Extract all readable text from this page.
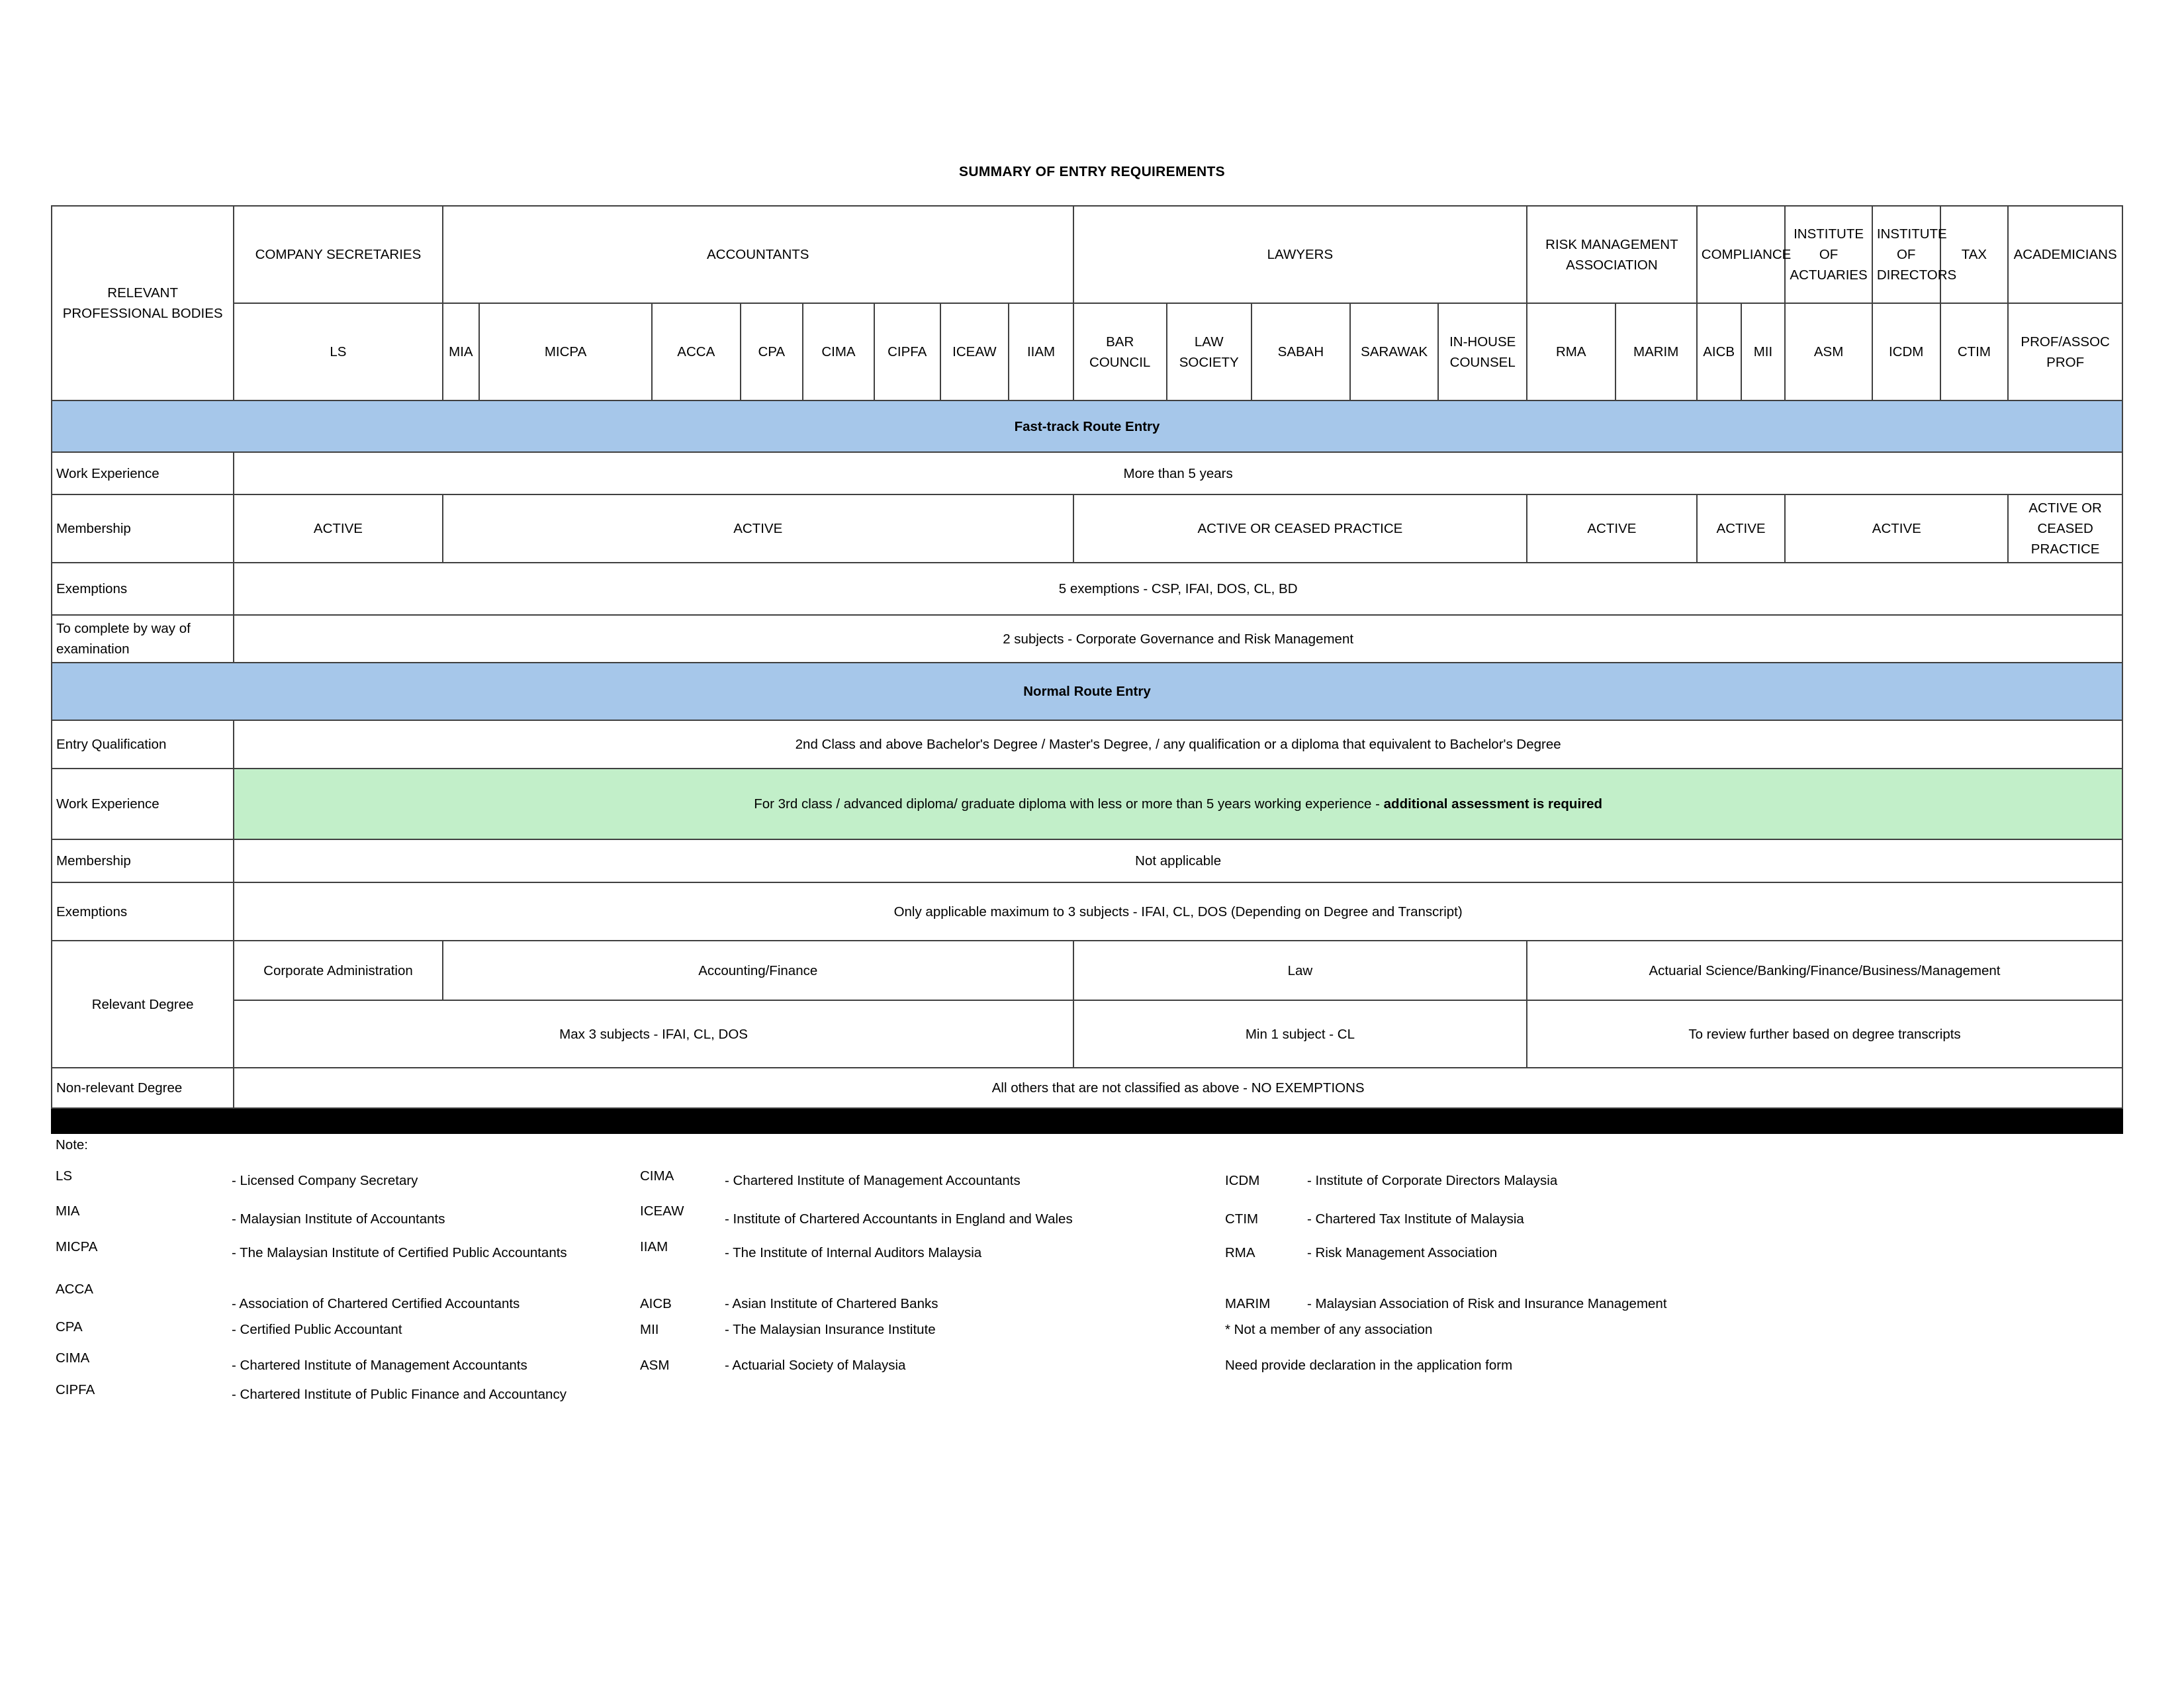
SUMMARY OF ENTRY REQUIREMENTS
RELEVANT PROFESSIONAL BODIES	COMPANY SECRETARIES	ACCOUNTANTS								LAWYERS					RISK MANAGEMENT ASSOCIATION		COMPLIANCE		INSTITUTE OF ACTUARIES	INSTITUTE OF DIRECTORS	TAX	ACADEMICIANS
	LS	MIA	MICPA	ACCA	CPA	CIMA	CIPFA	ICEAW	IIAM	BAR COUNCIL	LAW SOCIETY	SABAH	SARAWAK	IN-HOUSE COUNSEL	RMA	MARIM	AICB	MII	ASM	ICDM	CTIM	PROF/ASSOC PROF
Fast-track Route Entry																						
Work Experience	More than 5 years																					
Membership	ACTIVE	ACTIVE								ACTIVE OR CEASED PRACTICE					ACTIVE		ACTIVE		ACTIVE			ACTIVE OR CEASED PRACTICE
Exemptions	5 exemptions - CSP, IFAI, DOS, CL, BD																					
To complete by way of examination	2 subjects - Corporate Governance and Risk Management																					
Normal Route Entry																						
Entry Qualification	2nd Class and above Bachelor's Degree / Master's Degree, / any qualification or a diploma that equivalent to Bachelor's Degree																					
Work Experience	For 3rd class / advanced diploma/ graduate diploma with less or more than 5 years working experience - additional assessment is required																					
Membership	Not applicable																					
Exemptions	Only applicable maximum to 3 subjects - IFAI, CL, DOS (Depending on Degree and Transcript)																					
Relevant Degree	Corporate Administration	Accounting/Finance								Law					Actuarial Science/Banking/Finance/Business/Management							
	Max 3 subjects - IFAI, CL, DOS									Min 1 subject - CL					To review further based on degree transcripts							
Non-relevant Degree	All others that are not classified as above - NO EXEMPTIONS																					

Note:
LS	- Licensed Company Secretary
MIA
- Malaysian Institute of Accountants
MICPA	- The Malaysian Institute of Certified Public Accountants
ACCA
- Association of Chartered Certified Accountants
CPA	- Certified Public Accountant
CIMA	- Chartered Institute of Management Accountants
CIPFA	- Chartered Institute of Public Finance and Accountancy
CIMA	- Chartered Institute of Management Accountants
ICEAW
- Institute of Chartered Accountants in England and Wales
IIAM	- The Institute of Internal Auditors Malaysia
AICB	- Asian Institute of Chartered Banks
MII	- The Malaysian Insurance Institute
ASM	- Actuarial Society of Malaysia
ICDM	- Institute of Corporate Directors Malaysia
CTIM	- Chartered Tax Institute of Malaysia
RMA	- Risk Management Association
MARIM	- Malaysian Association of Risk and Insurance Management
* Not a member of any association
Need provide declaration in the application form
